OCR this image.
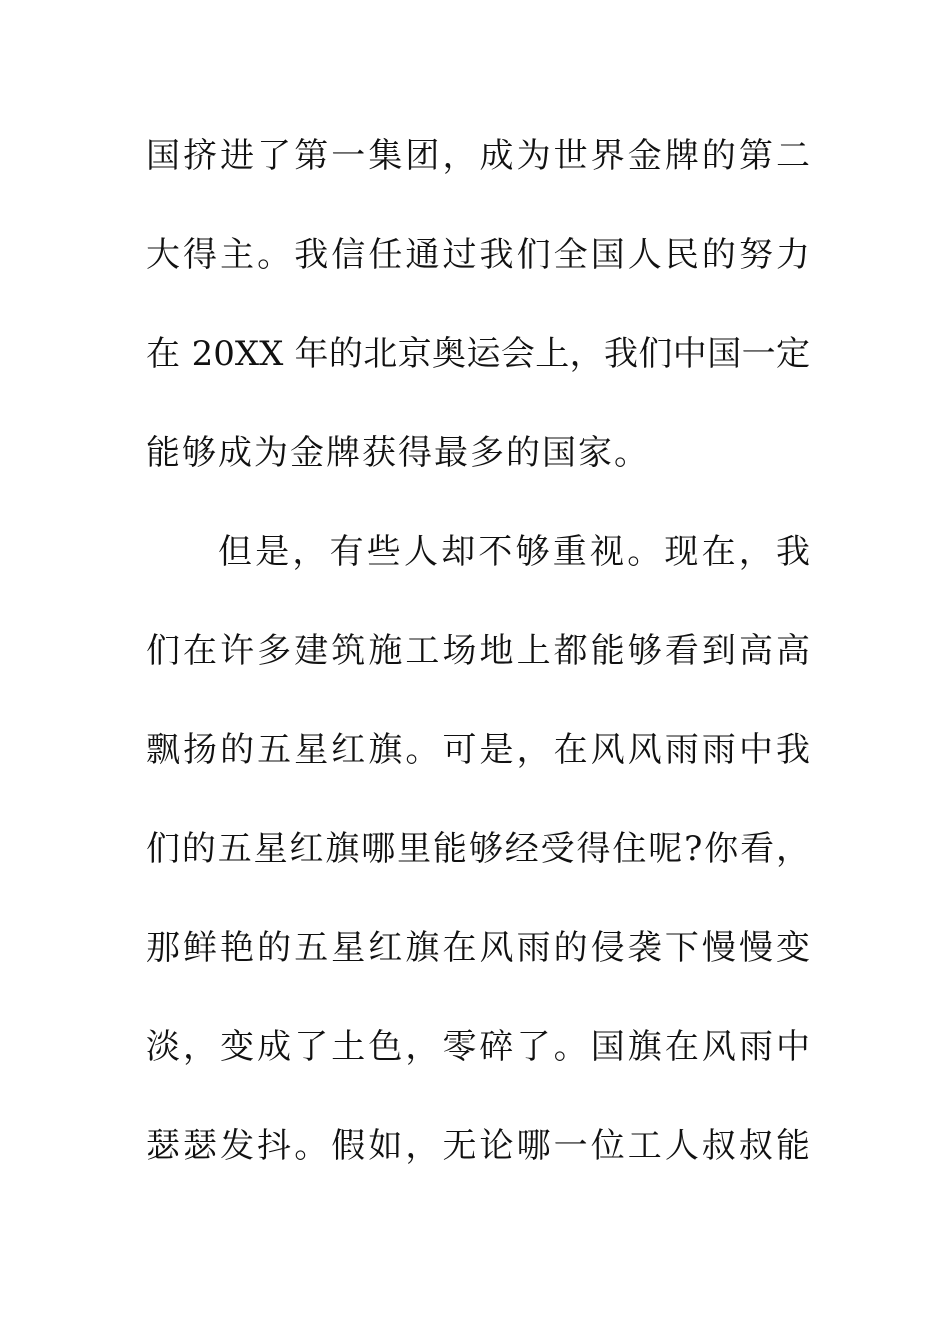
国挤进了第一集团，成为世界金牌的第二
大得主。我信任通过我们全国人民的努力
在 20XX 年的北京奥运会上，我们中国一定
能够成为金牌获得最多的国家。
但是，有些人却不够重视。现在，我
们在许多建筑施工场地上都能够看到高高
飘扬的五星红旗。可是，在风风雨雨中我
们的五星红旗哪里能够经受得住呢?你看，
那鲜艳的五星红旗在风雨的侵袭下慢慢变
淡，变成了土色，零碎了。国旗在风雨中
瑟瑟发抖。假如，无论哪一位工人叔叔能
